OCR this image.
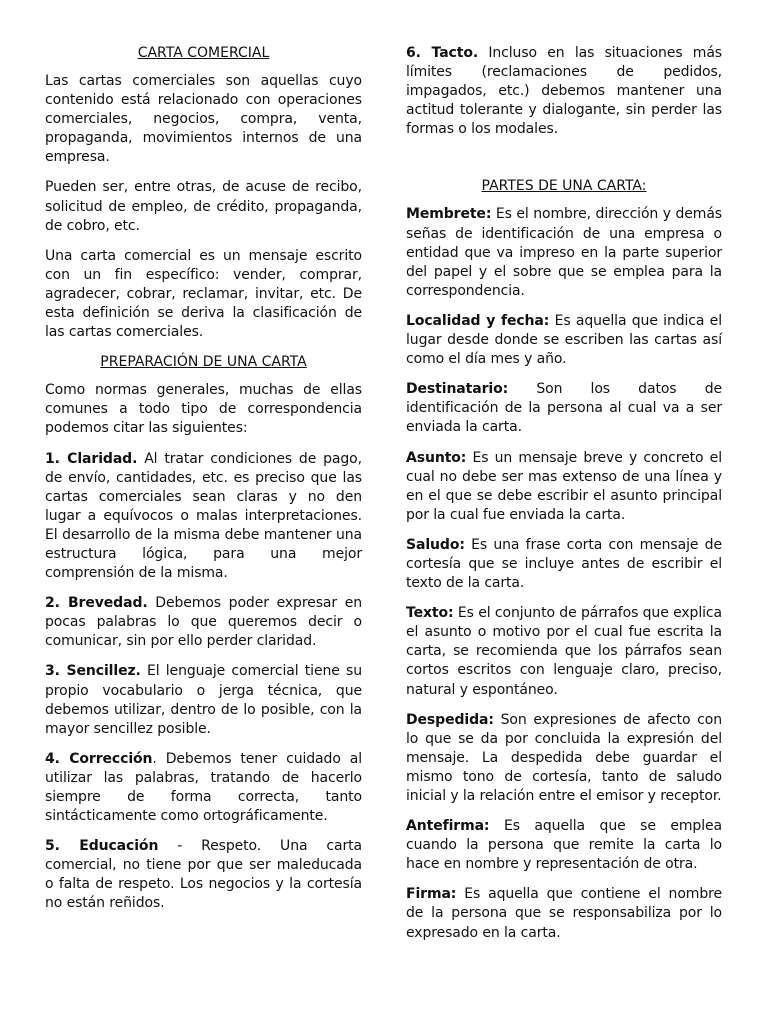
CARTA COMERCIAL

Las cartas comerciales son aquellas cuyo contenido está relacionado con operaciones comerciales, negocios, compra, venta, propaganda, movimientos internos de una empresa.

Pueden ser, entre otras, de acuse de recibo, solicitud de empleo, de crédito, propaganda, de cobro, etc.

Una carta comercial es un mensaje escrito con un fin específico: vender, comprar, agradecer, cobrar, reclamar, invitar, etc. De esta definición se deriva la clasificación de las cartas comerciales.

PREPARACIÓN DE UNA CARTA

Como normas generales, muchas de ellas comunes a todo tipo de correspondencia podemos citar las siguientes:

1. Claridad. Al tratar condiciones de pago, de envío, cantidades, etc. es preciso que las cartas comerciales sean claras y no den lugar a equívocos o malas interpretaciones. El desarrollo de la misma debe mantener una estructura lógica, para una mejor comprensión de la misma.

2. Brevedad. Debemos poder expresar en pocas palabras lo que queremos decir o comunicar, sin por ello perder claridad.

3. Sencillez. El lenguaje comercial tiene su propio vocabulario o jerga técnica, que debemos utilizar, dentro de lo posible, con la mayor sencillez posible.

4. Corrección. Debemos tener cuidado al utilizar las palabras, tratando de hacerlo siempre de forma correcta, tanto sintácticamente como ortográficamente.

5. Educación - Respeto. Una carta comercial, no tiene por que ser maleducada o falta de respeto. Los negocios y la cortesía no están reñidos.

6. Tacto. Incluso en las situaciones más límites (reclamaciones de pedidos, impagados, etc.) debemos mantener una actitud tolerante y dialogante, sin perder las formas o los modales.

PARTES DE UNA CARTA:

Membrete: Es el nombre, dirección y demás señas de identificación de una empresa o entidad que va impreso en la parte superior del papel y el sobre que se emplea para la correspondencia.

Localidad y fecha: Es aquella que indica el lugar desde donde se escriben las cartas así como el día mes y año.

Destinatario: Son los datos de identificación de la persona al cual va a ser enviada la carta.

Asunto: Es un mensaje breve y concreto el cual no debe ser mas extenso de una línea y en el que se debe escribir el asunto principal por la cual fue enviada la carta.

Saludo: Es una frase corta con mensaje de cortesía que se incluye antes de escribir el texto de la carta.

Texto: Es el conjunto de párrafos que explica el asunto o motivo por el cual fue escrita la carta, se recomienda que los párrafos sean cortos escritos con lenguaje claro, preciso, natural y espontáneo.

Despedida: Son expresiones de afecto con lo que se da por concluida la expresión del mensaje. La despedida debe guardar el mismo tono de cortesía, tanto de saludo inicial y la relación entre el emisor y receptor.

Antefirma: Es aquella que se emplea cuando la persona que remite la carta lo hace en nombre y representación de otra.

Firma: Es aquella que contiene el nombre de la persona que se responsabiliza por lo expresado en la carta.
